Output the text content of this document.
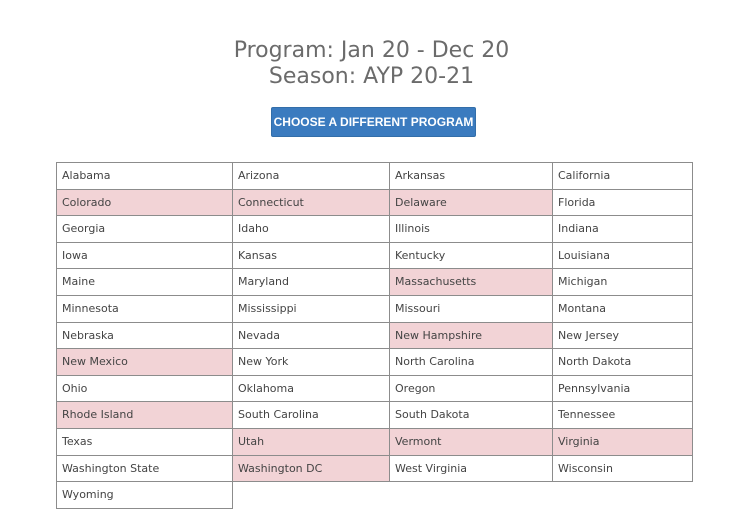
Program: Jan 20 - Dec 20
Season: AYP 20-21
CHOOSE A DIFFERENT PROGRAM
Alabama	Arizona	Arkansas	California
Colorado	Connecticut	Delaware	Florida
Georgia	Idaho	Illinois	Indiana
Iowa	Kansas	Kentucky	Louisiana
Maine	Maryland	Massachusetts	Michigan
Minnesota	Mississippi	Missouri	Montana
Nebraska	Nevada	New Hampshire	New Jersey
New Mexico	New York	North Carolina	North Dakota
Ohio	Oklahoma	Oregon	Pennsylvania
Rhode Island	South Carolina	South Dakota	Tennessee
Texas	Utah	Vermont	Virginia
Washington State	Washington DC	West Virginia	Wisconsin
Wyoming
